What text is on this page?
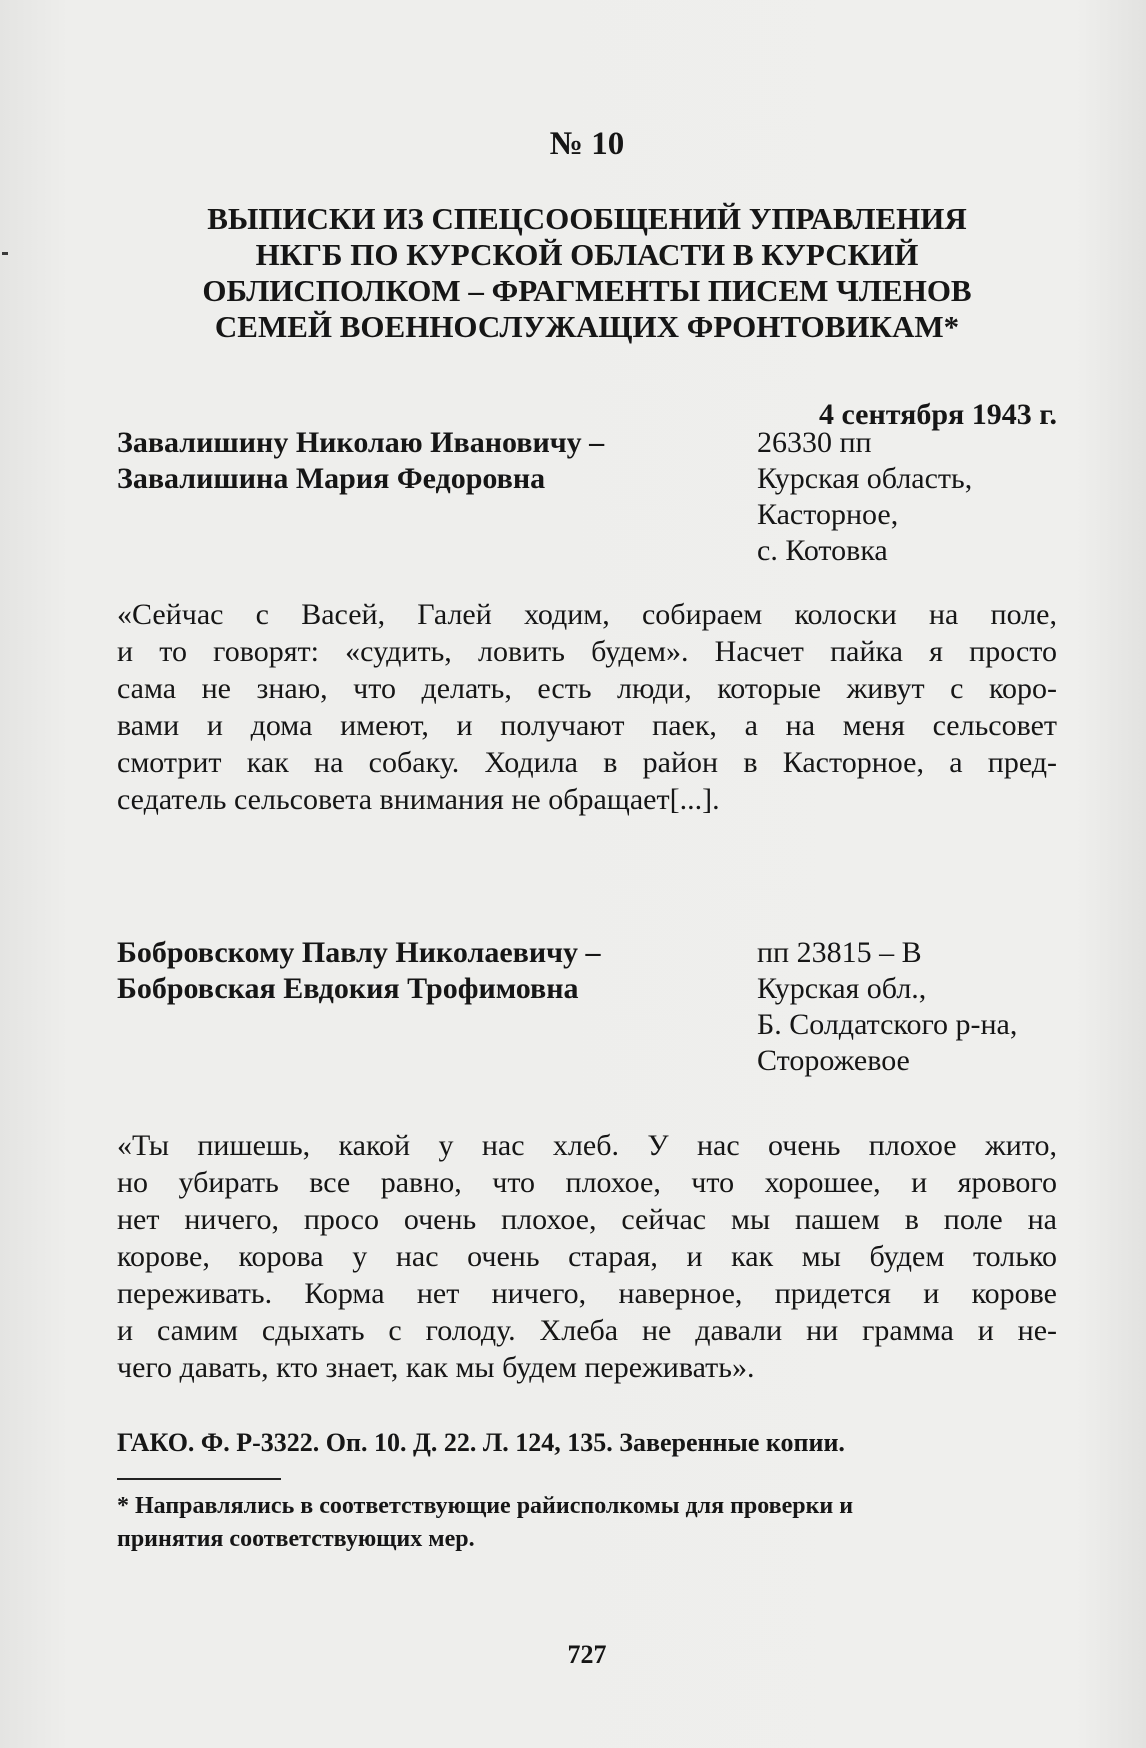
№ 10
ВЫПИСКИ ИЗ СПЕЦСООБЩЕНИЙ УПРАВЛЕНИЯ
НКГБ ПО КУРСКОЙ ОБЛАСТИ В КУРСКИЙ
ОБЛИСПОЛКОМ – ФРАГМЕНТЫ ПИСЕМ ЧЛЕНОВ
СЕМЕЙ ВОЕННОСЛУЖАЩИХ ФРОНТОВИКАМ*

4 сентября 1943 г.

Завалишину Николаю Ивановичу –
Завалишина Мария Федоровна
26330 пп
Курская область,
Касторное,
с. Котовка

«Сейчас с Васей, Галей ходим, собираем колоски на поле,
и то говорят: «судить, ловить будем». Насчет пайка я просто
сама не знаю, что делать, есть люди, которые живут с коро-
вами и дома имеют, и получают паек, а на меня сельсовет
смотрит как на собаку. Ходила в район в Касторное, а пред-
седатель сельсовета внимания не обращает[...].

Бобровскому Павлу Николаевичу –
Бобровская Евдокия Трофимовна
пп 23815 – В
Курская обл.,
Б. Солдатского р-на,
Сторожевое

«Ты пишешь, какой у нас хлеб. У нас очень плохое жито,
но убирать все равно, что плохое, что хорошее, и ярового
нет ничего, просо очень плохое, сейчас мы пашем в поле на
корове, корова у нас очень старая, и как мы будем только
переживать. Корма нет ничего, наверное, придется и корове
и самим сдыхать с голоду. Хлеба не давали ни грамма и не-
чего давать, кто знает, как мы будем переживать».

ГАКО. Ф. Р-3322. Оп. 10. Д. 22. Л. 124, 135. Заверенные копии.

* Направлялись в соответствующие райисполкомы для проверки и
принятия соответствующих мер.

727
